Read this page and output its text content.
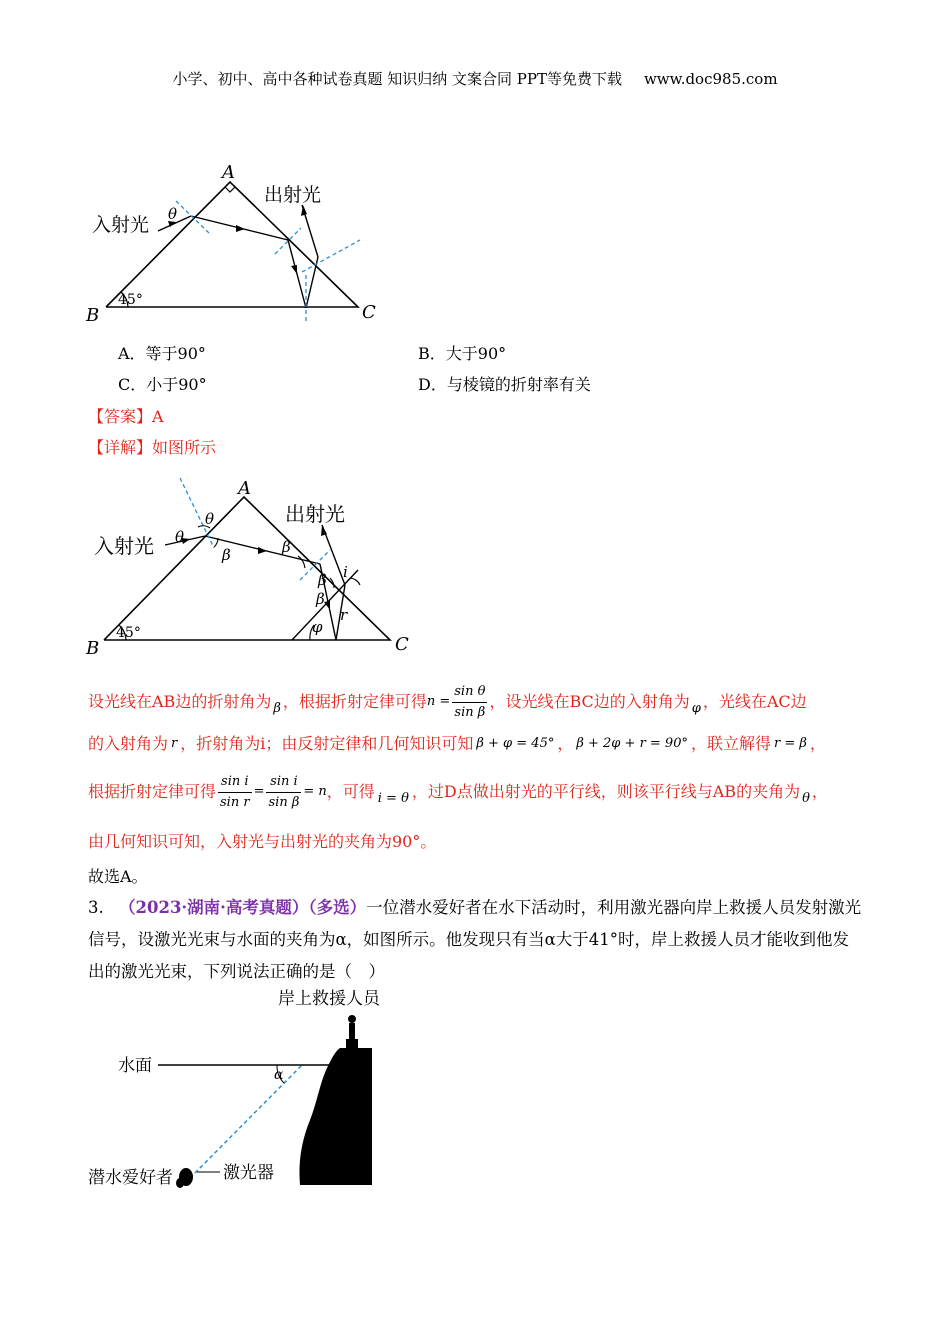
小学、初中、高中各种试卷真题 知识归纳 文案合同 PPT等免费下载 www.doc985.com
A
B	C
入射光
出射光
θ
45°
A．等于90°	B．大于90°
C．小于90°	D．与棱镜的折射率有关
【答案】A
【详解】如图所示
A
B	C
入射光
出射光
θ
θ
β	β
β
β
φ
r
i
45°
设光线在AB边的折射角为 β ，根据折射定律可得 $n = \frac{\text{sin θ}}{\text{sin β}}$ ，设光线在BC边的入射角为 φ ，光线在AC边
的入射角为 r ，折射角为i；由反射定律和几何知识可知 β + φ = 45° ， β + 2φ + r = 90° ，联立解得 r = β ，
根据折射定律可得 $\frac{\text{sin i}}{\text{sin r}} = \frac{\text{sin i}}{\text{sin β}} = n$ ，可得 i = θ ，过D点做出射光的平行线，则该平行线与AB的夹角为 θ ，
由几何知识可知，入射光与出射光的夹角为90°。
故选A。
3. （2023·湖南·高考真题）（多选）一位潜水爱好者在水下活动时，利用激光器向岸上救援人员发射激光
信号，设激光光束与水面的夹角为α，如图所示。他发现只有当α大于41°时，岸上救援人员才能收到他发
出的激光光束，下列说法正确的是（　）
岸上救援人员
水面	α
潜水爱好者	激光器
